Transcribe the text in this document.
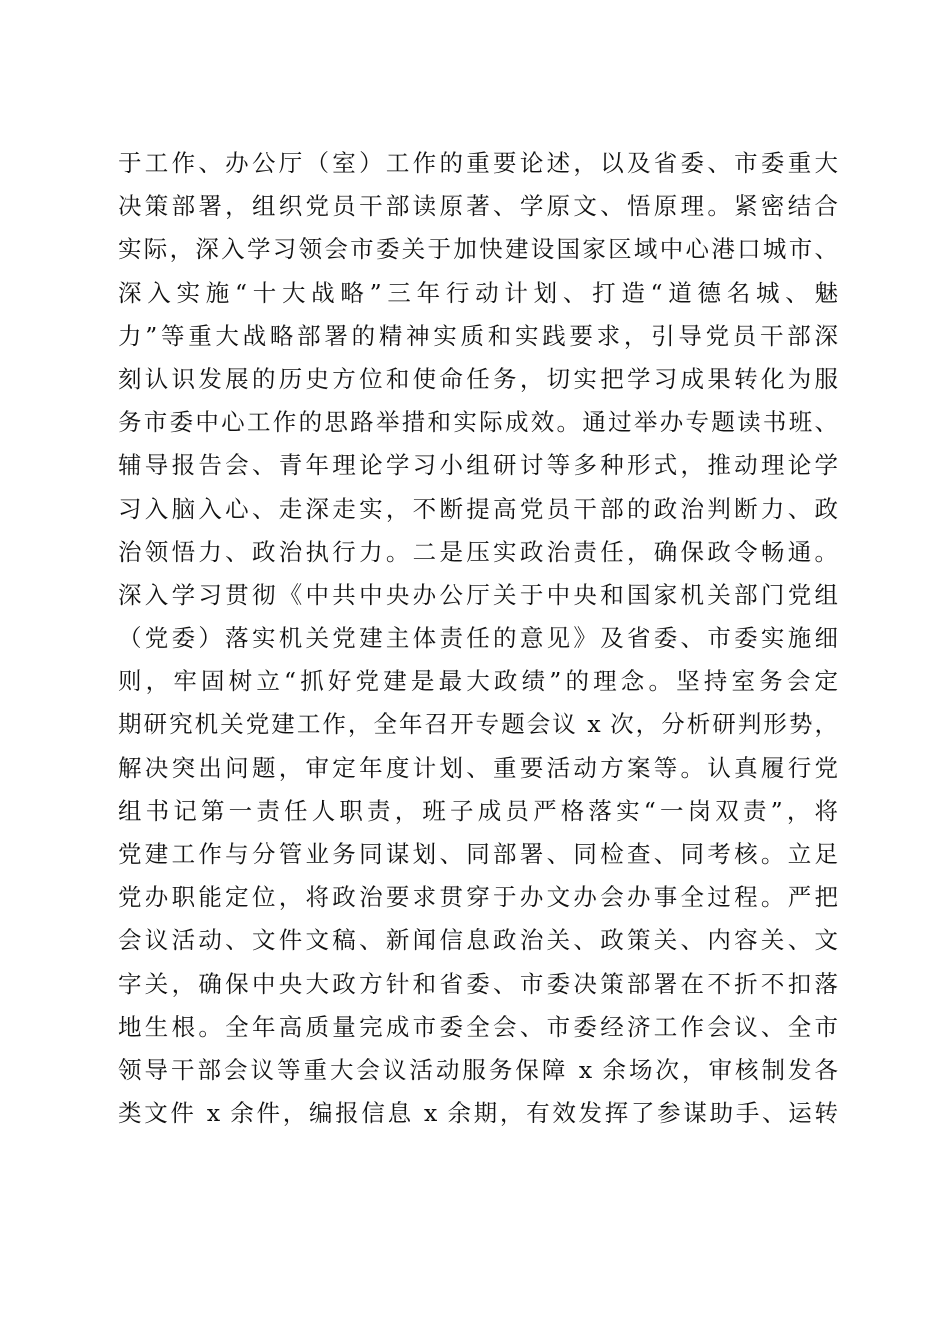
于工作、办公厅（室）工作的重要论述，以及省委、市委重大
决策部署，组织党员干部读原著、学原文、悟原理。紧密结合
实际，深入学习领会市委关于加快建设国家区域中心港口城市、
深入实施“十大战略”三年行动计划、打造“道德名城、魅
力”等重大战略部署的精神实质和实践要求，引导党员干部深
刻认识发展的历史方位和使命任务，切实把学习成果转化为服
务市委中心工作的思路举措和实际成效。通过举办专题读书班、
辅导报告会、青年理论学习小组研讨等多种形式，推动理论学
习入脑入心、走深走实，不断提高党员干部的政治判断力、政
治领悟力、政治执行力。二是压实政治责任，确保政令畅通。
深入学习贯彻《中共中央办公厅关于中央和国家机关部门党组
（党委）落实机关党建主体责任的意见》及省委、市委实施细
则，牢固树立“抓好党建是最大政绩”的理念。坚持室务会定
期研究机关党建工作，全年召开专题会议 x 次，分析研判形势，
解决突出问题，审定年度计划、重要活动方案等。认真履行党
组书记第一责任人职责，班子成员严格落实“一岗双责”，将
党建工作与分管业务同谋划、同部署、同检查、同考核。立足
党办职能定位，将政治要求贯穿于办文办会办事全过程。严把
会议活动、文件文稿、新闻信息政治关、政策关、内容关、文
字关，确保中央大政方针和省委、市委决策部署在不折不扣落
地生根。全年高质量完成市委全会、市委经济工作会议、全市
领导干部会议等重大会议活动服务保障 x 余场次，审核制发各
类文件 x 余件，编报信息 x 余期，有效发挥了参谋助手、运转
